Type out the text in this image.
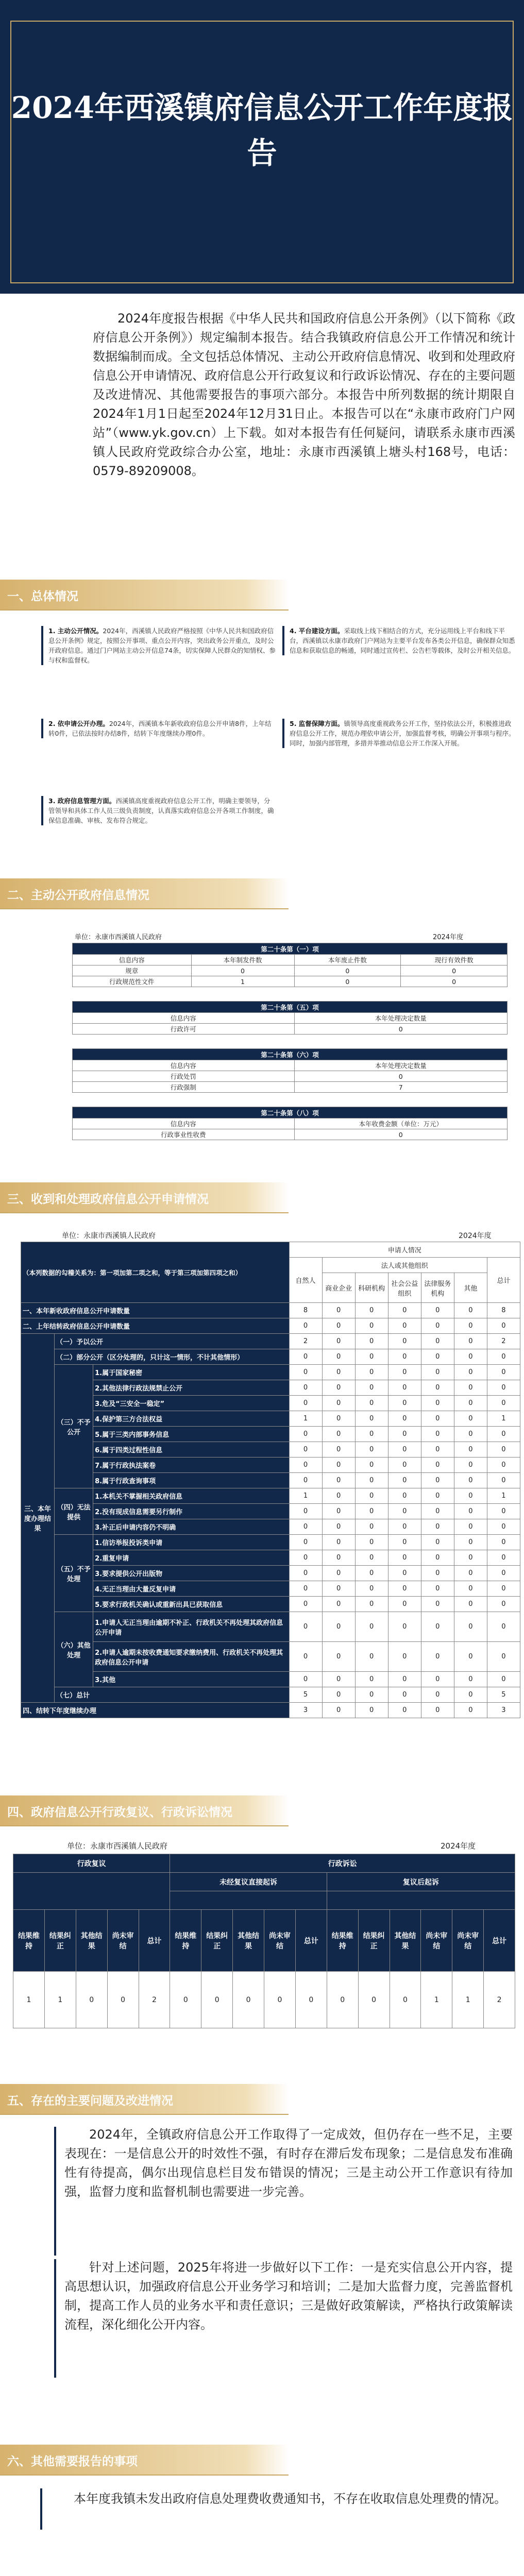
2024年西溪镇府信息公开工作年度报告
2024年度报告根据《中华人民共和国政府信息公开条例》（以下简称《政府信息公开条例》）规定编制本报告。结合我镇政府信息公开工作情况和统计数据编制而成。全文包括总体情况、主动公开政府信息情况、收到和处理政府信息公开申请情况、政府信息公开行政复议和行政诉讼情况、存在的主要问题及改进情况、其他需要报告的事项六部分。本报告中所列数据的统计期限自2024年1月1日起至2024年12月31日止。本报告可以在“永康市政府门户网站”（www.yk.gov.cn）上下载。如对本报告有任何疑问，请联系永康市西溪镇人民政府党政综合办公室，地址：永康市西溪镇上塘头村168号，电话：0579-89209008。
一、总体情况
1. 主动公开情况。2024年，西溪镇人民政府严格按照《中华人民共和国政府信息公开条例》规定，按照公开事项、重点公开内容，突出政务公开重点，及时公开政府信息。通过门户网站主动公开信息74条，切实保障人民群众的知情权、参与权和监督权。
4. 平台建设方面。采取线上线下相结合的方式，充分运用线上平台和线下平台，西溪镇以永康市政府门户网站为主要平台发布各类公开信息，确保群众知悉信息和获取信息的畅通，同时通过宣传栏、公告栏等载体，及时公开相关信息。
2. 依申请公开办理。2024年，西溪镇本年新收政府信息公开申请8件，上年结转0件，已依法按时办结8件，结转下年度继续办理0件。
5. 监督保障方面。镇领导高度重视政务公开工作，坚持依法公开，积极推进政府信息公开工作，规范办理依申请公开，加强监督考核，明确公开事项与程序。同时，加强内部管理，多措并举推动信息公开工作深入开展。
3. 政府信息管理方面。西溪镇高度重视政府信息公开工作，明确主要领导，分管领导和具体工作人员三级负责制度，认真落实政府信息公开各项工作制度，确保信息准确、审核、发布符合规定。
二、主动公开政府信息情况
单位：永康市西溪镇人民政府	2024年度
第二十条第（一）项			
信息内容	本年制发件数	本年废止件数	现行有效件数
规章	0	0	0
行政规范性文件	1	0	0

第二十条第（五）项			
信息内容		本年处理决定数量	
行政许可		0	

第二十条第（六）项			
信息内容		本年处理决定数量	
行政处罚		0	
行政强制		7	

第二十条第（八）项			
信息内容		本年收费金额（单位：万元）	
行政事业性收费		0	
三、收到和处理政府信息公开申请情况
单位：永康市西溪镇人民政府	2024年度
（本列数据的勾稽关系为：第一项加第二项之和，等于第三项加第四项之和）			申请人情况						
			自然人	法人或其他组织					总计
				商业企业	科研机构	社会公益组织	法律服务机构	其他	
一、本年新收政府信息公开申请数量			8	0	0	0	0	0	8
二、上年结转政府信息公开申请数量			0	0	0	0	0	0	0
三、本年度办理结果	（一）予以公开		2	0	0	0	0	0	2
	（二）部分公开（区分处理的，只计这一情形，不计其他情形）		0	0	0	0	0	0	0
	（三）不予公开	1.属于国家秘密	0	0	0	0	0	0	0
		2.其他法律行政法规禁止公开	0	0	0	0	0	0	0
		3.危及“三安全一稳定”	0	0	0	0	0	0	0
		4.保护第三方合法权益	1	0	0	0	0	0	1
		5.属于三类内部事务信息	0	0	0	0	0	0	0
		6.属于四类过程性信息	0	0	0	0	0	0	0
		7.属于行政执法案卷	0	0	0	0	0	0	0
		8.属于行政查询事项	0	0	0	0	0	0	0
	（四）无法提供	1.本机关不掌握相关政府信息	1	0	0	0	0	0	1
		2.没有现成信息需要另行制作	0	0	0	0	0	0	0
		3.补正后申请内容仍不明确	0	0	0	0	0	0	0
	（五）不予处理	1.信访举报投诉类申请	0	0	0	0	0	0	0
		2.重复申请	0	0	0	0	0	0	0
		3.要求提供公开出版物	0	0	0	0	0	0	0
		4.无正当理由大量反复申请	0	0	0	0	0	0	0
		5.要求行政机关确认或重新出具已获取信息	0	0	0	0	0	0	0
	（六）其他处理	1.申请人无正当理由逾期不补正、行政机关不再处理其政府信息公开申请	0	0	0	0	0	0	0
		2.申请人逾期未按收费通知要求缴纳费用、行政机关不再处理其政府信息公开申请	0	0	0	0	0	0	0
		3.其他	0	0	0	0	0	0	0
	（七）总计		5	0	0	0	0	0	5
四、结转下年度继续办理			3	0	0	0	0	0	3
四、政府信息公开行政复议、行政诉讼情况
单位：永康市西溪镇人民政府	2024年度
行政复议					行政诉讼										
					未经复议直接起诉					复议后起诉					

结果维持	结果纠正	其他结果	尚未审结	总计	结果维持	结果纠正	其他结果	尚未审结	总计	结果维持	结果纠正	其他结果	尚未审结	尚未审结	总计
1	1	0	0	2	0	0	0	0	0	0	0	0	1	1	2
五、存在的主要问题及改进情况
2024年，全镇政府信息公开工作取得了一定成效，但仍存在一些不足，主要表现在：一是信息公开的时效性不强，有时存在滞后发布现象；二是信息发布准确性有待提高，偶尔出现信息栏目发布错误的情况；三是主动公开工作意识有待加强，监督力度和监督机制也需要进一步完善。
针对上述问题，2025年将进一步做好以下工作：一是充实信息公开内容，提高思想认识，加强政府信息公开业务学习和培训；二是加大监督力度，完善监督机制，提高工作人员的业务水平和责任意识；三是做好政策解读，严格执行政策解读流程，深化细化公开内容。
六、其他需要报告的事项
本年度我镇未发出政府信息处理费收费通知书，不存在收取信息处理费的情况。
